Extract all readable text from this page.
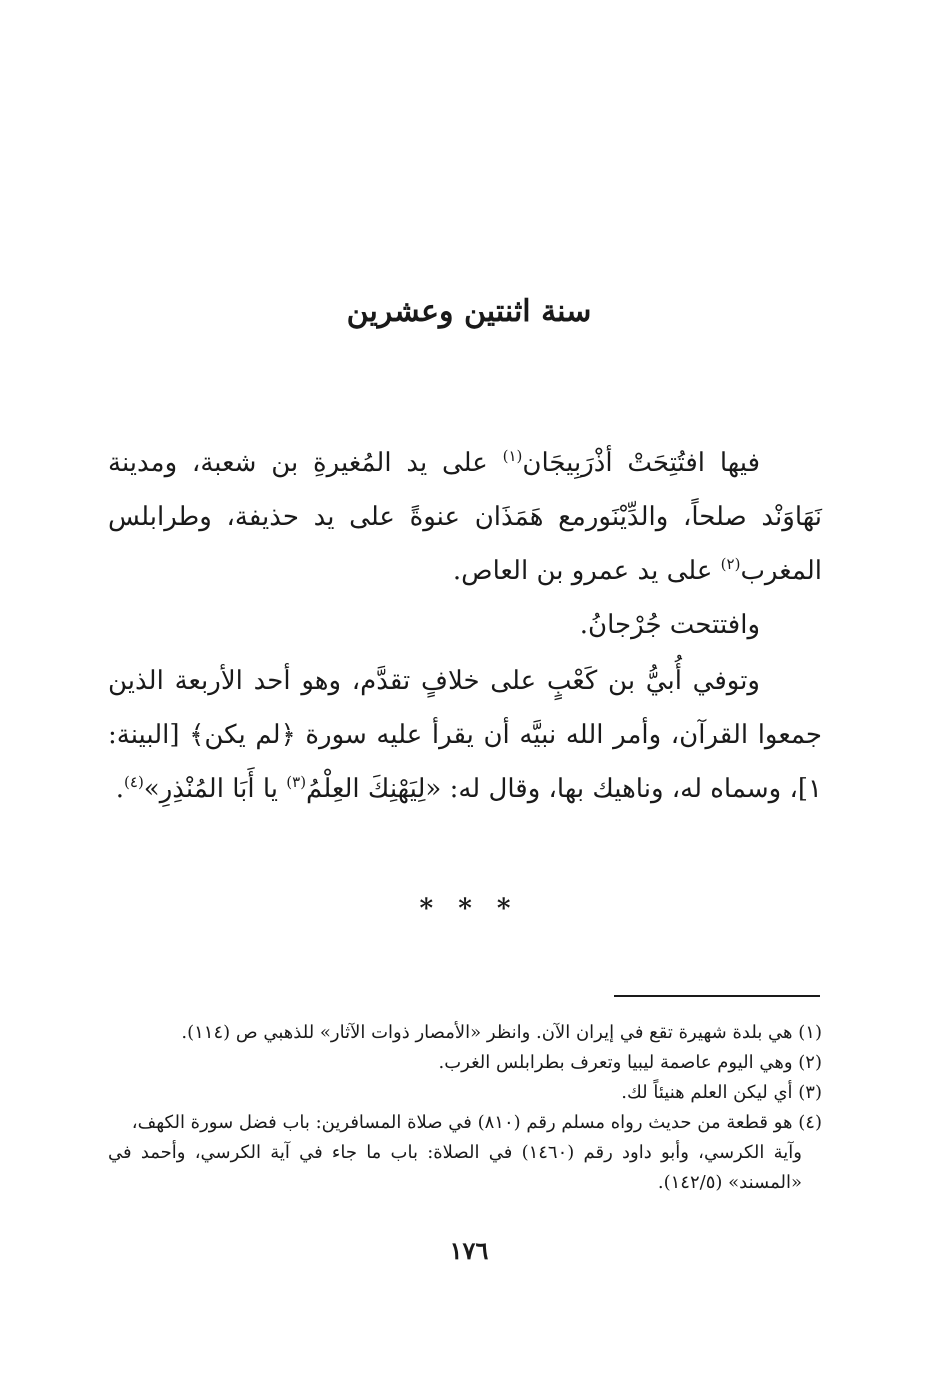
سنة اثنتين وعشرين

فيها افتُتِحَتْ أذْرَبِيجَان$^{(١)}$ على يد المُغيرةِ بن شعبة، ومدينة نَهَاوَنْد صلحاً، والدِّيْنَورمع هَمَذَان عنوةً على يد حذيفة، وطرابلس المغرب$^{(٢)}$ على يد عمرو بن العاص.

وافتتحت جُرْجانُ.

وتوفي أُبيُّ بن كَعْبٍ على خلافٍ تقدَّم، وهو أحد الأربعة الذين جمعوا القرآن، وأمر الله نبيَّه أن يقرأ عليه سورة ﴿لم يكن﴾ [البينة: ١]، وسماه له، وناهيك بها، وقال له: «لِيَهْنِكَ العِلْمُ$^{(٣)}$ يا أَبَا المُنْذِرِ»$^{(٤)}$.

* * *

(١) هي بلدة شهيرة تقع في إيران الآن. وانظر «الأمصار ذوات الآثار» للذهبي ص (١١٤).

(٢) وهي اليوم عاصمة ليبيا وتعرف بطرابلس الغرب.

(٣) أي ليكن العلم هنيئاً لك.

(٤) هو قطعة من حديث رواه مسلم رقم (٨١٠) في صلاة المسافرين: باب فضل سورة الكهف،

وآية الكرسي، وأبو داود رقم (١٤٦٠) في الصلاة: باب ما جاء في آية الكرسي، وأحمد في «المسند» (١٤٢/٥).

١٧٦
